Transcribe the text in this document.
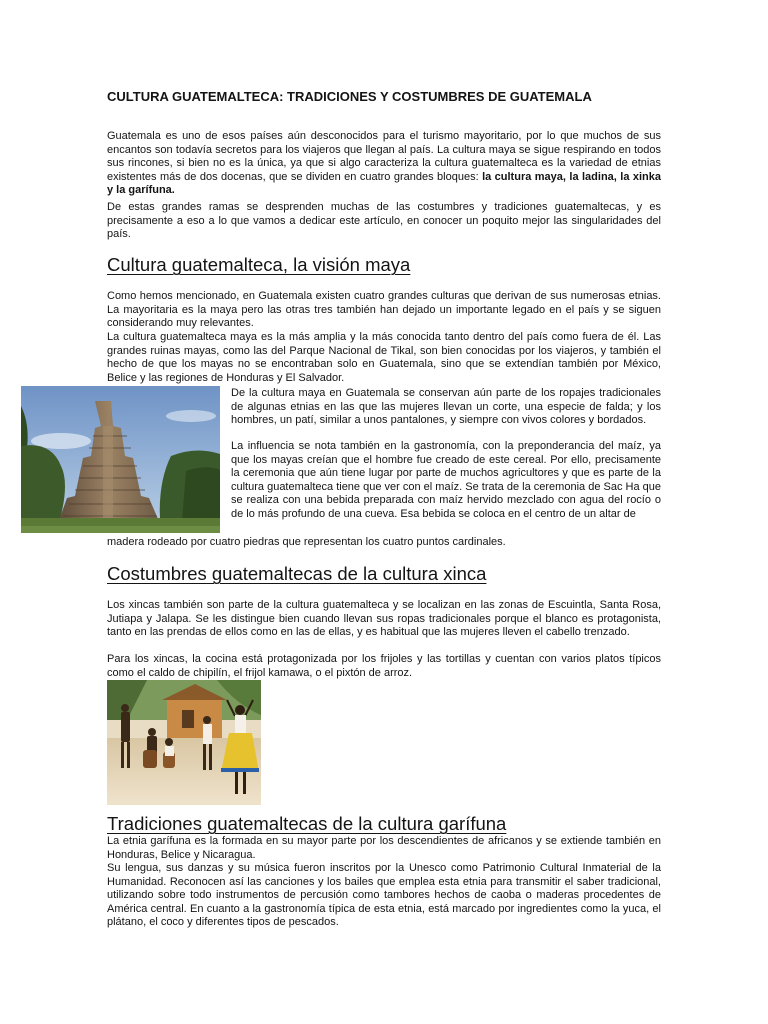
CULTURA GUATEMALTECA: TRADICIONES Y COSTUMBRES DE GUATEMALA

Guatemala es uno de esos países aún desconocidos para el turismo mayoritario, por lo que muchos de sus encantos son todavía secretos para los viajeros que llegan al país. La cultura maya se sigue respirando en todos sus rincones, si bien no es la única, ya que si algo caracteriza la cultura guatemalteca es la variedad de etnias existentes más de dos docenas, que se dividen en cuatro grandes bloques: la cultura maya, la ladina, la xinka y la garífuna.

De estas grandes ramas se desprenden muchas de las costumbres y tradiciones guatemaltecas, y es precisamente a eso a lo que vamos a dedicar este artículo, en conocer un poquito mejor las singularidades del país.

Cultura guatemalteca, la visión maya

Como hemos mencionado, en Guatemala existen cuatro grandes culturas que derivan de sus numerosas etnias. La mayoritaria es la maya pero las otras tres también han dejado un importante legado en el país y se siguen considerando muy relevantes.

La cultura guatemalteca maya es la más amplia y la más conocida tanto dentro del país como fuera de él. Las grandes ruinas mayas, como las del Parque Nacional de Tikal, son bien conocidas por los viajeros, y también el hecho de que los mayas no se encontraban solo en Guatemala, sino que se extendían también por México, Belice y las regiones de Honduras y El Salvador.

De la cultura maya en Guatemala se conservan aún parte de los ropajes tradicionales de algunas etnias en las que las mujeres llevan un corte, una especie de falda; y los hombres, un patí, similar a unos pantalones, y siempre con vivos colores y bordados.

La influencia se nota también en la gastronomía, con la preponderancia del maíz, ya que los mayas creían que el hombre fue creado de este cereal. Por ello, precisamente la ceremonia que aún tiene lugar por parte de muchos agricultores y que es parte de la cultura guatemalteca tiene que ver con el maíz. Se trata de la ceremonia de Sac Ha que se realiza con una bebida preparada con maíz hervido mezclado con agua del rocío o de lo más profundo de una cueva. Esa bebida se coloca en el centro de un altar de

madera rodeado por cuatro piedras que representan los cuatro puntos cardinales.

Costumbres guatemaltecas de la cultura xinca

Los xincas también son parte de la cultura guatemalteca y se localizan en las zonas de Escuintla, Santa Rosa, Jutiapa y Jalapa. Se les distingue bien cuando llevan sus ropas tradicionales porque el blanco es protagonista, tanto en las prendas de ellos como en las de ellas, y es habitual que las mujeres lleven el cabello trenzado.

Para los xincas, la cocina está protagonizada por los frijoles y las tortillas y cuentan con varios platos típicos como el caldo de chipilín, el frijol kamawa, o el pixtón de arroz.

Tradiciones guatemaltecas de la cultura garífuna

La etnia garífuna es la formada en su mayor parte por los descendientes de africanos y se extiende también en Honduras, Belice y Nicaragua.

Su lengua, sus danzas y su música fueron inscritos por la Unesco como Patrimonio Cultural Inmaterial de la Humanidad. Reconocen así las canciones y los bailes que emplea esta etnia para transmitir el saber tradicional, utilizando sobre todo instrumentos de percusión como tambores hechos de caoba o maderas procedentes de América central. En cuanto a la gastronomía típica de esta etnia, está marcado por ingredientes como la yuca, el plátano, el coco y diferentes tipos de pescados.
